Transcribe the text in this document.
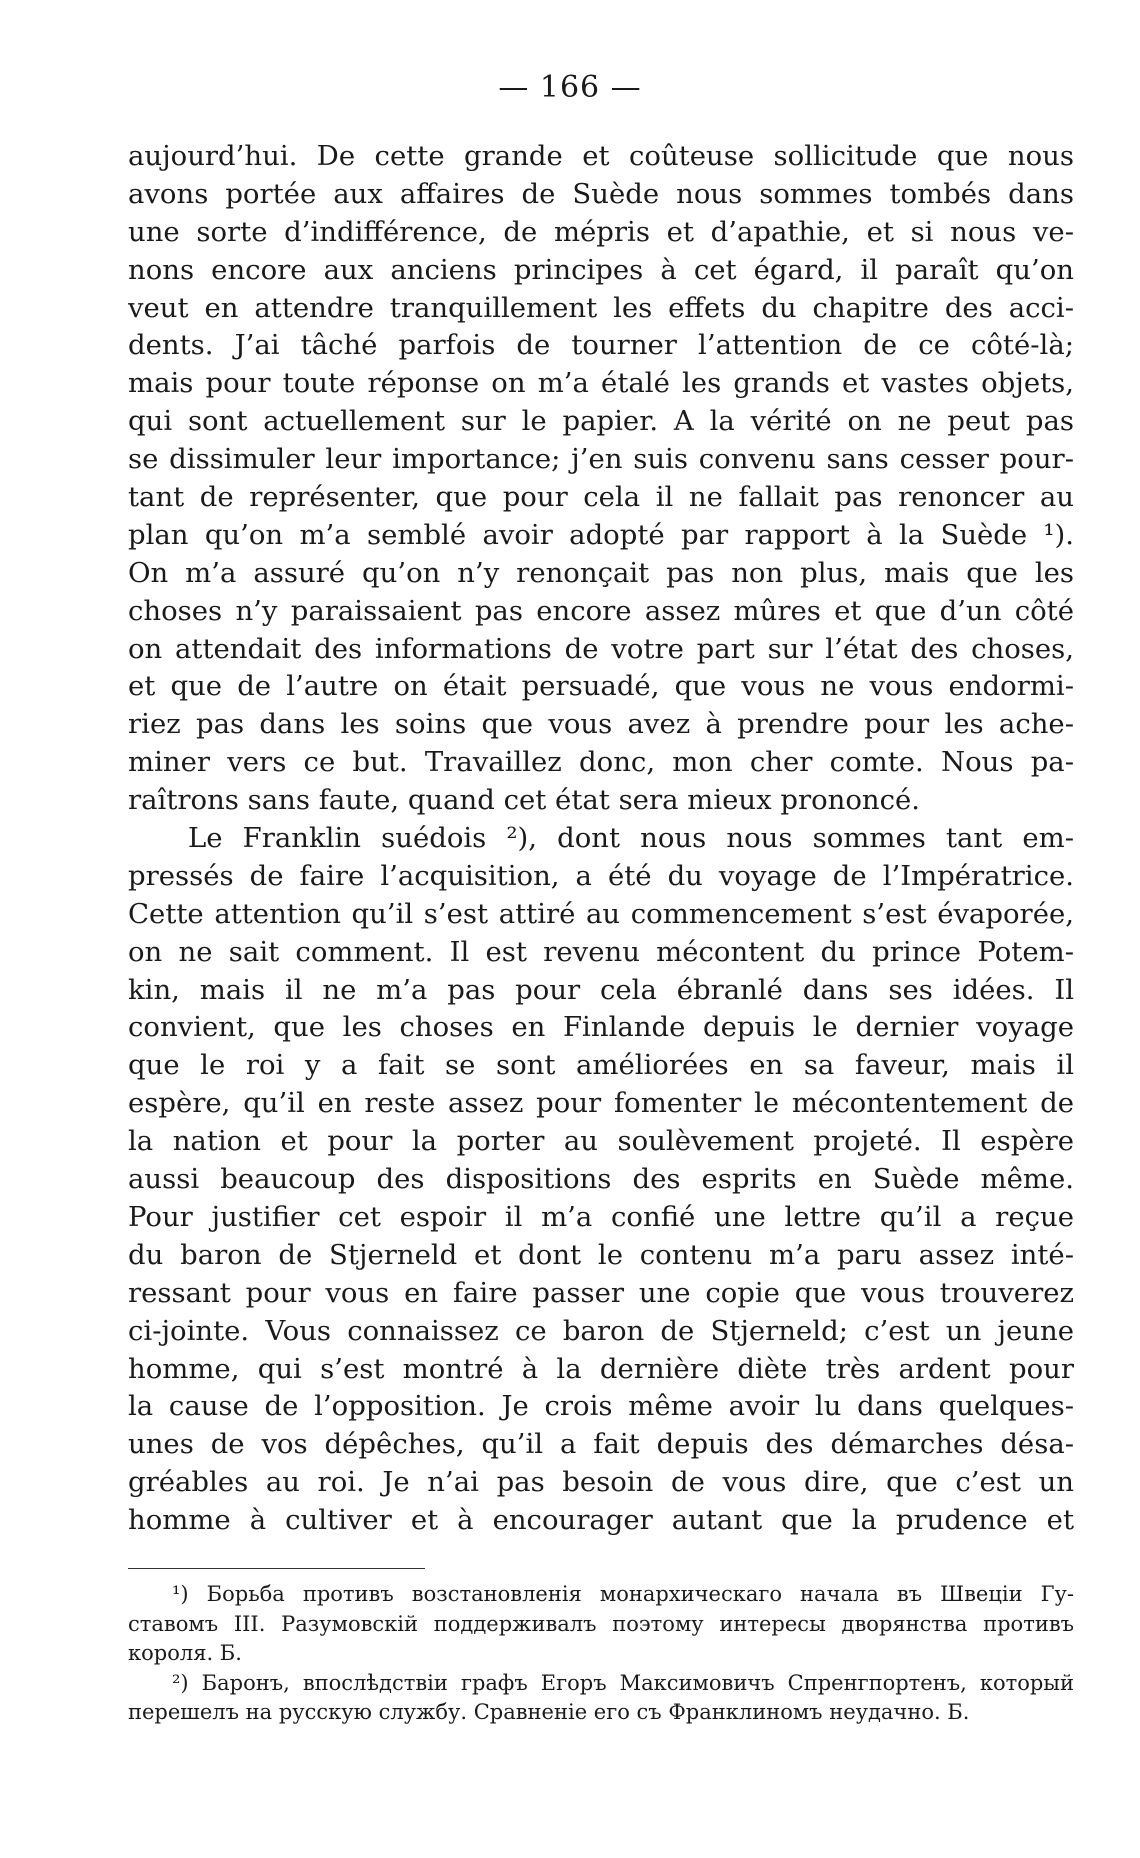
— 166 —
aujourd’hui. De cette grande et coûteuse sollicitude que nous
avons portée aux affaires de Suède nous sommes tombés dans
une sorte d’indifférence, de mépris et d’apathie, et si nous ve-
nons encore aux anciens principes à cet égard, il paraît qu’on
veut en attendre tranquillement les effets du chapitre des acci-
dents. J’ai tâché parfois de tourner l’attention de ce côté-là;
mais pour toute réponse on m’a étalé les grands et vastes objets,
qui sont actuellement sur le papier. A la vérité on ne peut pas
se dissimuler leur importance; j’en suis convenu sans cesser pour-
tant de représenter, que pour cela il ne fallait pas renoncer au
plan qu’on m’a semblé avoir adopté par rapport à la Suède ¹).
On m’a assuré qu’on n’y renonçait pas non plus, mais que les
choses n’y paraissaient pas encore assez mûres et que d’un côté
on attendait des informations de votre part sur l’état des choses,
et que de l’autre on était persuadé, que vous ne vous endormi-
riez pas dans les soins que vous avez à prendre pour les ache-
miner vers ce but. Travaillez donc, mon cher comte. Nous pa-
raîtrons sans faute, quand cet état sera mieux prononcé.
Le Franklin suédois ²), dont nous nous sommes tant em-
pressés de faire l’acquisition, a été du voyage de l’Impératrice.
Cette attention qu’il s’est attiré au commencement s’est évaporée,
on ne sait comment. Il est revenu mécontent du prince Potem-
kin, mais il ne m’a pas pour cela ébranlé dans ses idées. Il
convient, que les choses en Finlande depuis le dernier voyage
que le roi y a fait se sont améliorées en sa faveur, mais il
espère, qu’il en reste assez pour fomenter le mécontentement de
la nation et pour la porter au soulèvement projeté. Il espère
aussi beaucoup des dispositions des esprits en Suède même.
Pour justifier cet espoir il m’a confié une lettre qu’il a reçue
du baron de Stjerneld et dont le contenu m’a paru assez inté-
ressant pour vous en faire passer une copie que vous trouverez
ci-jointe. Vous connaissez ce baron de Stjerneld; c’est un jeune
homme, qui s’est montré à la dernière diète très ardent pour
la cause de l’opposition. Je crois même avoir lu dans quelques-
unes de vos dépêches, qu’il a fait depuis des démarches désa-
gréables au roi. Je n’ai pas besoin de vous dire, que c’est un
homme à cultiver et à encourager autant que la prudence et
¹) Борьба противъ возстановленія монархическаго начала въ Швеціи Гу-
ставомъ III. Разумовскій поддерживалъ поэтому интересы дворянства противъ
короля. Б.
²) Баронъ, впослѣдствіи графъ Егоръ Максимовичъ Спренгпортенъ, который
перешелъ на русскую службу. Сравненіе его съ Франклиномъ неудачно. Б.
